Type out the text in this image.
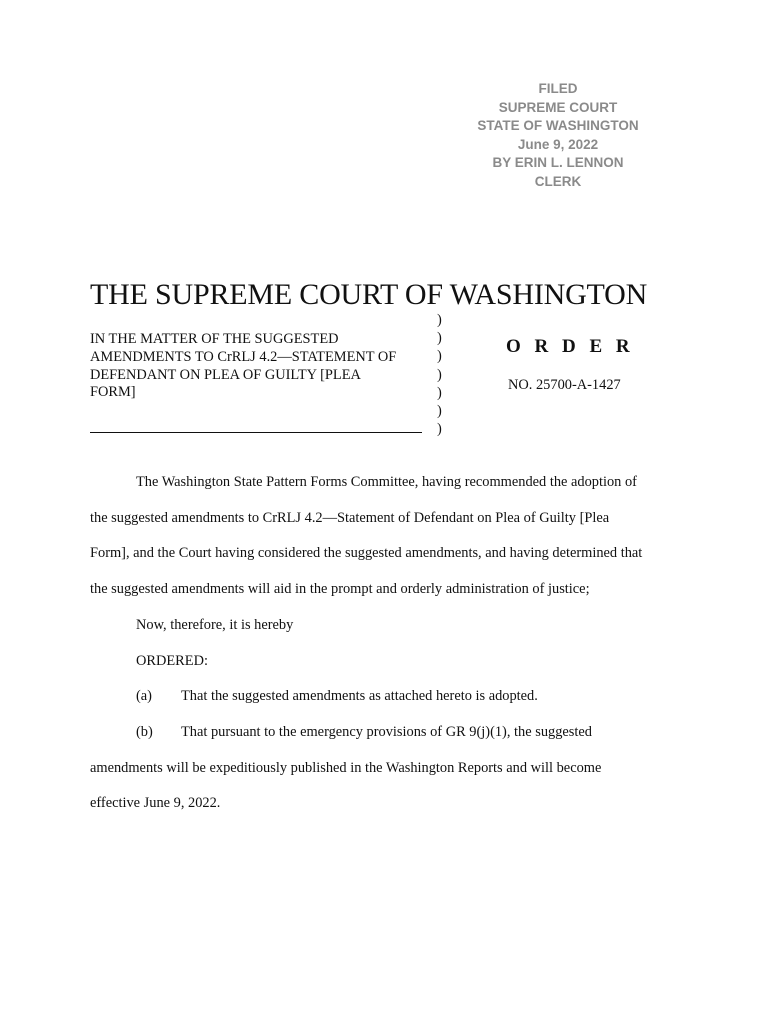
FILED
SUPREME COURT
STATE OF WASHINGTON
June 9, 2022
BY ERIN L. LENNON
CLERK
THE SUPREME COURT OF WASHINGTON
IN THE MATTER OF THE SUGGESTED
AMENDMENTS TO CrRLJ 4.2—STATEMENT OF
DEFENDANT ON PLEA OF GUILTY [PLEA
FORM]
)
)
)
)
)
)
)
O R D E R
NO. 25700-A-1427
The Washington State Pattern Forms Committee, having recommended the adoption of
the suggested amendments to CrRLJ 4.2—Statement of Defendant on Plea of Guilty [Plea
Form], and the Court having considered the suggested amendments, and having determined that
the suggested amendments will aid in the prompt and orderly administration of justice;
Now, therefore, it is hereby
ORDERED:
(a) That the suggested amendments as attached hereto is adopted.
(b) That pursuant to the emergency provisions of GR 9(j)(1), the suggested
amendments will be expeditiously published in the Washington Reports and will become
effective June 9, 2022.
